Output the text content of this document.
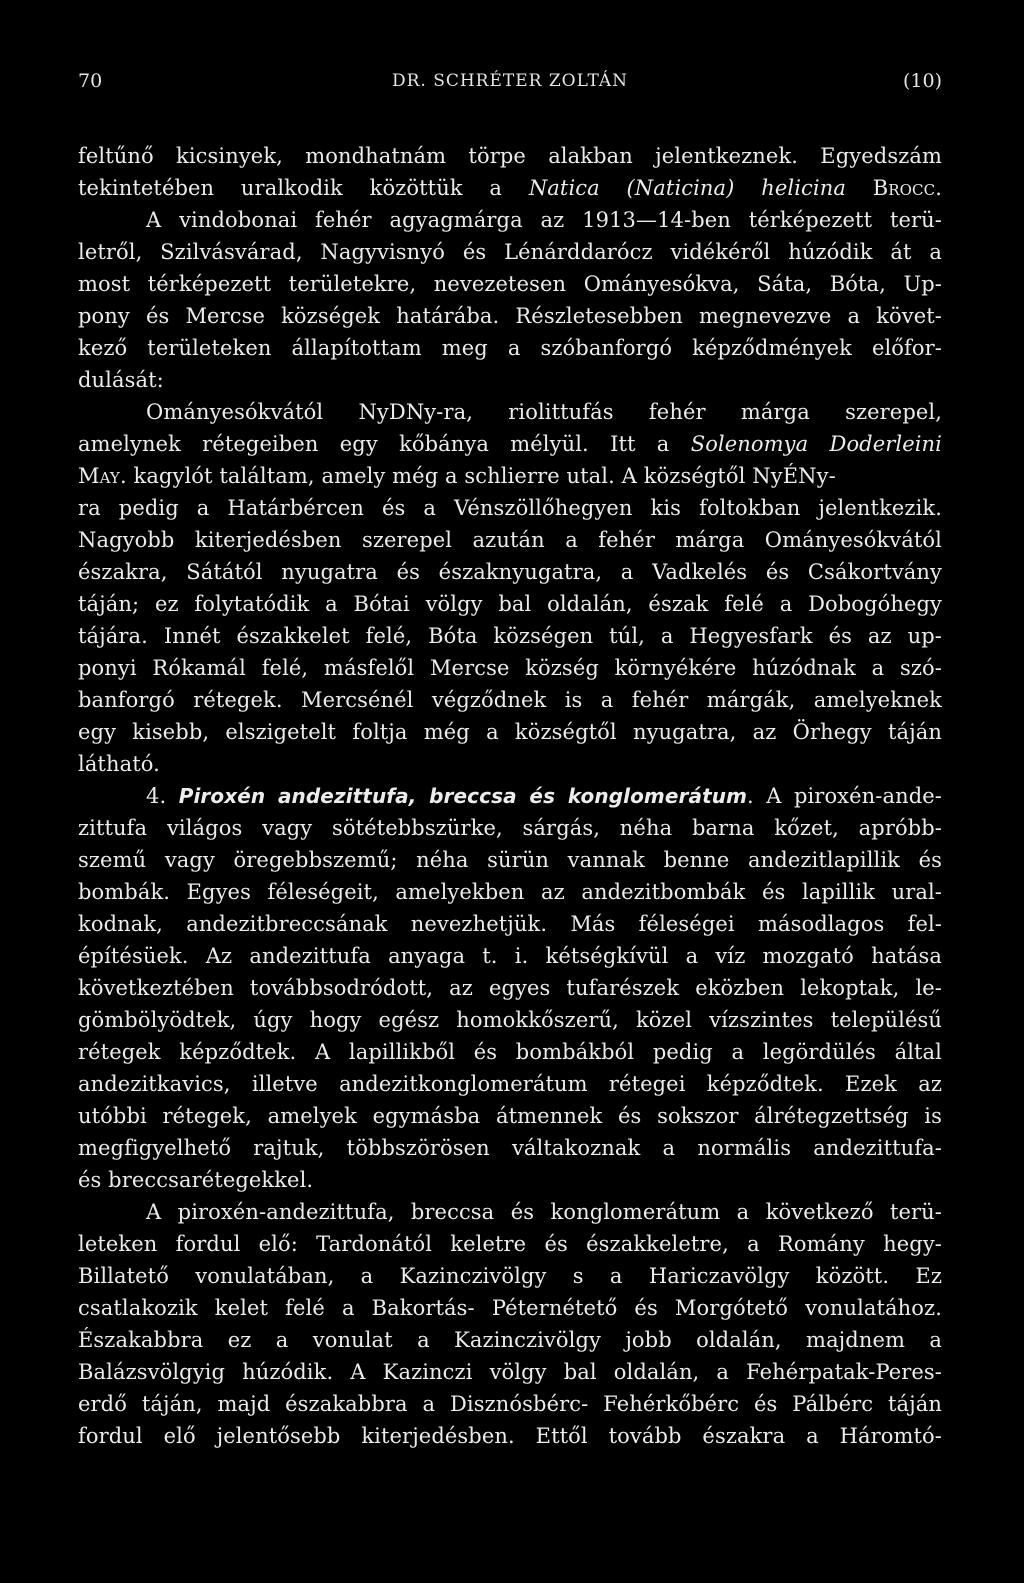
70	DR. SCHRÉTER ZOLTÁN	(10)
feltűnő kicsinyek, mondhatnám törpe alakban jelentkeznek. Egyedszám
tekintetében uralkodik közöttük a Natica (Naticina) helicina Brocc.
A vindobonai fehér agyagmárga az 1913—14-ben térképezett terü-
letről, Szilvásvárad, Nagyvisnyó és Lénárddarócz vidékéről húzódik át a
most térképezett területekre, nevezetesen Ományesókva, Sáta, Bóta, Up-
pony és Mercse községek határába. Részletesebben megnevezve a követ-
kező területeken állapítottam meg a szóbanforgó képződmények előfor-
dulását:
Ományesókvától NyDNy-ra, riolittufás fehér márga szerepel,
amelynek rétegeiben egy kőbánya mélyül. Itt a Solenomya Doderleini
May. kagylót találtam, amely még a schlierre utal. A községtől NyÉNy-
ra pedig a Határbércen és a Vénszöllőhegyen kis foltokban jelentkezik.
Nagyobb kiterjedésben szerepel azután a fehér márga Ományesókvától
északra, Sátától nyugatra és északnyugatra, a Vadkelés és Csákortvány
táján; ez folytatódik a Bótai völgy bal oldalán, észak felé a Dobogóhegy
tájára. Innét északkelet felé, Bóta községen túl, a Hegyesfark és az up-
ponyi Rókamál felé, másfelől Mercse község környékére húzódnak a szó-
banforgó rétegek. Mercsénél végződnek is a fehér márgák, amelyeknek
egy kisebb, elszigetelt foltja még a községtől nyugatra, az Örhegy táján
látható.
4. Piroxén andezittufa, breccsa és konglomerátum. A piroxén-ande-
zittufa világos vagy sötétebbszürke, sárgás, néha barna kőzet, apróbb-
szemű vagy öregebbszemű; néha sürün vannak benne andezitlapillik és
bombák. Egyes féleségeit, amelyekben az andezitbombák és lapillik ural-
kodnak, andezitbreccsának nevezhetjük. Más féleségei másodlagos fel-
építésüek. Az andezittufa anyaga t. i. kétségkívül a víz mozgató hatása
következtében továbbsodródott, az egyes tufarészek eközben lekoptak, le-
gömbölyödtek, úgy hogy egész homokkőszerű, közel vízszintes településű
rétegek képződtek. A lapillikből és bombákból pedig a legördülés által
andezitkavics, illetve andezitkonglomerátum rétegei képződtek. Ezek az
utóbbi rétegek, amelyek egymásba átmennek és sokszor álrétegzettség is
megfigyelhető rajtuk, többszörösen váltakoznak a normális andezittufa-
és breccsarétegekkel.
A piroxén-andezittufa, breccsa és konglomerátum a következő terü-
leteken fordul elő: Tardonától keletre és északkeletre, a Romány hegy-
Billatető vonulatában, a Kazinczivölgy s a Hariczavölgy között. Ez
csatlakozik kelet felé a Bakortás- Péternétető és Morgótető vonulatához.
Északabbra ez a vonulat a Kazinczivölgy jobb oldalán, majdnem a
Balázsvölgyig húzódik. A Kazinczi völgy bal oldalán, a Fehérpatak-Peres-
erdő táján, majd északabbra a Disznósbérc- Fehérkőbérc és Pálbérc táján
fordul elő jelentősebb kiterjedésben. Ettől tovább északra a Háromtó-
